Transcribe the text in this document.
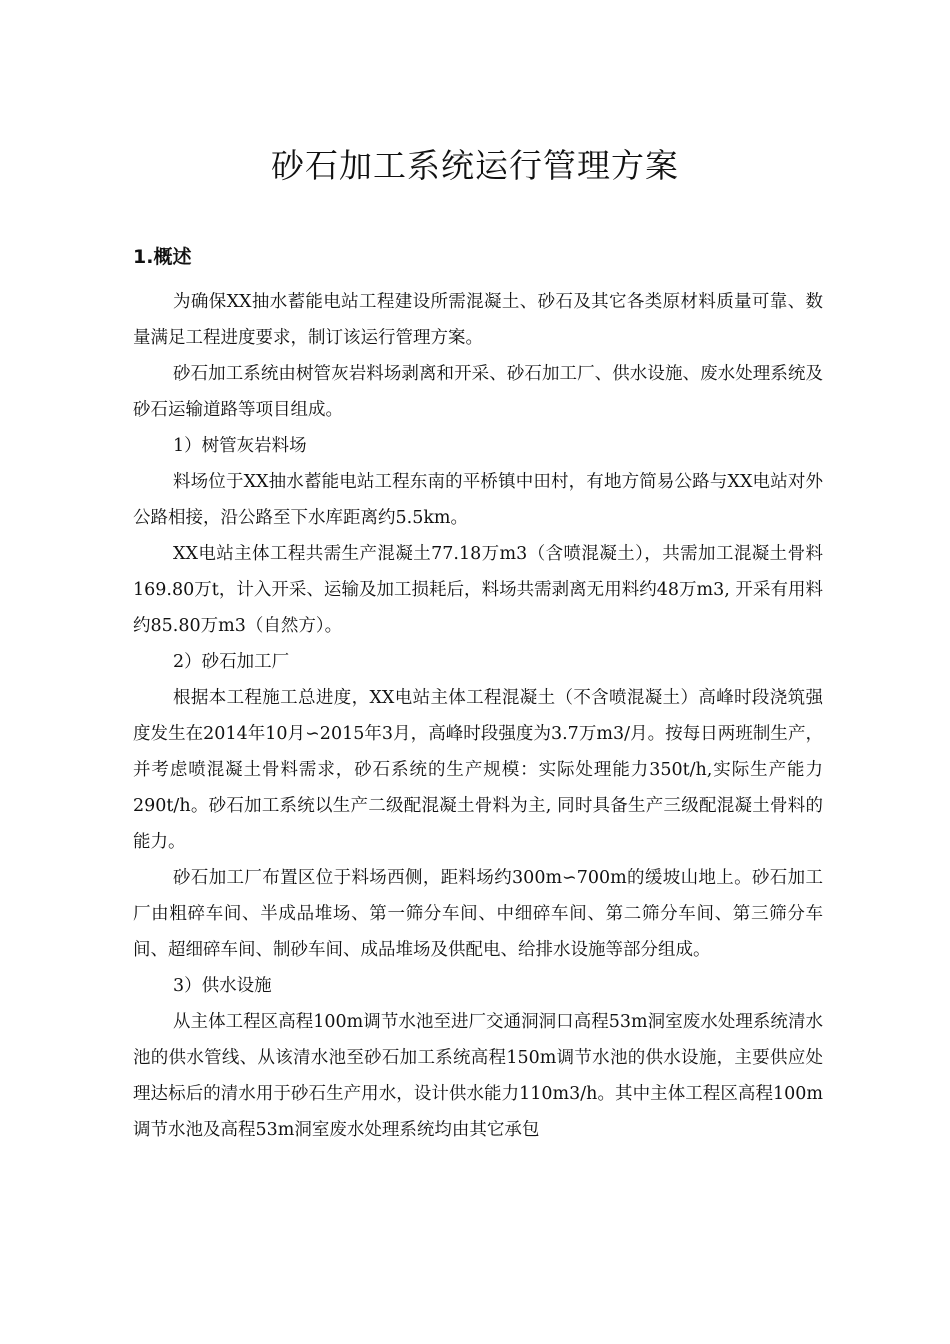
砂石加工系统运行管理方案
1.概述

为确保XX抽水蓄能电站工程建设所需混凝土、砂石及其它各类原材料质量可靠、数量满足工程进度要求，制订该运行管理方案。

砂石加工系统由树管灰岩料场剥离和开采、砂石加工厂、供水设施、废水处理系统及砂石运输道路等项目组成。

1）树管灰岩料场

料场位于XX抽水蓄能电站工程东南的平桥镇中田村，有地方简易公路与XX电站对外公路相接，沿公路至下水库距离约5.5km。

XX电站主体工程共需生产混凝土77.18万m3（含喷混凝土），共需加工混凝土骨料169.80万t，计入开采、运输及加工损耗后，料场共需剥离无用料约48万m3, 开采有用料约85.80万m3（自然方）。

2）砂石加工厂

根据本工程施工总进度，XX电站主体工程混凝土（不含喷混凝土）高峰时段浇筑强度发生在2014年10月∽2015年3月，高峰时段强度为3.7万m3/月。按每日两班制生产，并考虑喷混凝土骨料需求，砂石系统的生产规模：实际处理能力350t/h,实际生产能力290t/h。砂石加工系统以生产二级配混凝土骨料为主, 同时具备生产三级配混凝土骨料的能力。

砂石加工厂布置区位于料场西侧，距料场约300m∽700m的缓坡山地上。砂石加工厂由粗碎车间、半成品堆场、第一筛分车间、中细碎车间、第二筛分车间、第三筛分车间、超细碎车间、制砂车间、成品堆场及供配电、给排水设施等部分组成。

3）供水设施

从主体工程区高程100m调节水池至进厂交通洞洞口高程53m洞室废水处理系统清水池的供水管线、从该清水池至砂石加工系统高程150m调节水池的供水设施，主要供应处理达标后的清水用于砂石生产用水，设计供水能力110m3/h。其中主体工程区高程100m调节水池及高程53m洞室废水处理系统均由其它承包
